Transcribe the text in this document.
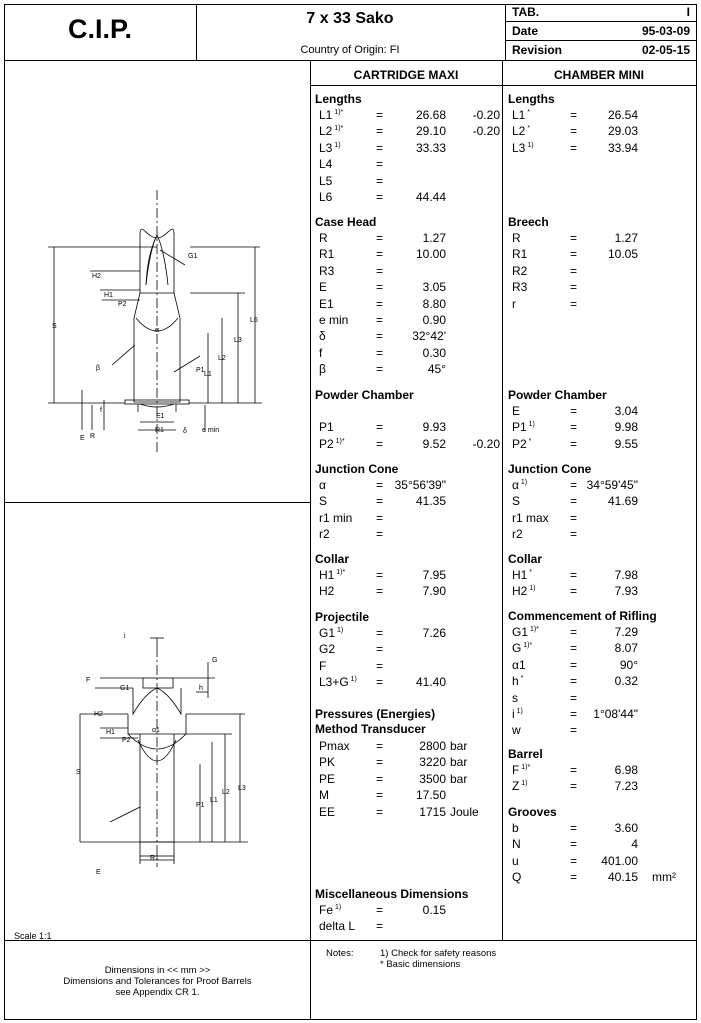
C.I.P.	7 x 33 Sako
Country of Origin: FI
TAB.	I
Date	95-03-09
Revision	02-05-15
CARTRIDGE MAXI	CHAMBER MINI
Lengths
L1 $^{1)*}$	=	26.68	-0.20
L2 $^{1)*}$	=	29.10	-0.20
L3 $^{1)}$	=	33.33
L4	=
L5	=
L6	=	44.44
Case Head
R	=	1.27
R1	=	10.00
R3	=
E	=	3.05
E1	=	8.80
e min =	0.90
δ	=	32°42'
f	=	0.30
β	=	45°
Powder Chamber
P1	=	9.93
P2 $^{1)*}$	=	9.52	-0.20
Junction Cone
α	= 35°56'39"
S	=	41.35
r1 min =
r2	=
Collar
H1 $^{1)*}$	=	7.95
H2	=	7.90
Projectile
G1 $^{1)}$	=	7.26
G2	=
F	=
L3+G $^{1)}$ =	41.40
Pressures (Energies)
Method Transducer
Pmax =	2800 bar
PK	=	3220 bar
PE	=	3500 bar
M	=	17.50
EE	=	1715 Joule
Miscellaneous Dimensions
Fe $^{1)}$	=	0.15
delta L =
Lengths
L1 *	=	26.54
L2 *	=	29.03
L3 $^{1)}$	=	33.94
Breech
R	=	1.27
R1	=	10.05
R2	=
R3	=
r	=
Powder Chamber
E	=	3.04
P1 $^{1)}$	=	9.98
P2 *	=	9.55
Junction Cone
α $^{1)}$	= 34°59'45"
S	=	41.69
r1 max =
r2	=
Collar
H1 *	=	7.98
H2 $^{1)}$	=	7.93
Commencement of Rifling
G1 $^{1)*}$	=	7.29
G $^{1)*}$	=	8.07
α1	=	90°
h *	=	0.32
s	=
i $^{1)}$	=	1°08'44"
w	=
Barrel
F $^{1)*}$	=	6.98
Z $^{1)}$	=	7.23
Grooves
b	=	3.60
N	=	4
u	=	401.00
Q	=	40.15 mm²
G1
H2
H1
P2
S
L6
L3
L2
L1
P1
β
α
δ
f
E R
E1
R1	e min
i
G
F
G1	h
H2
H1
P2
α1
S
L3
L2
L1
P1
R1
E
Scale 1:1
Dimensions in << mm >>
Dimensions and Tolerances for Proof Barrels
see Appendix CR 1.
Notes:	1) Check for safety reasons
* Basic dimensions
